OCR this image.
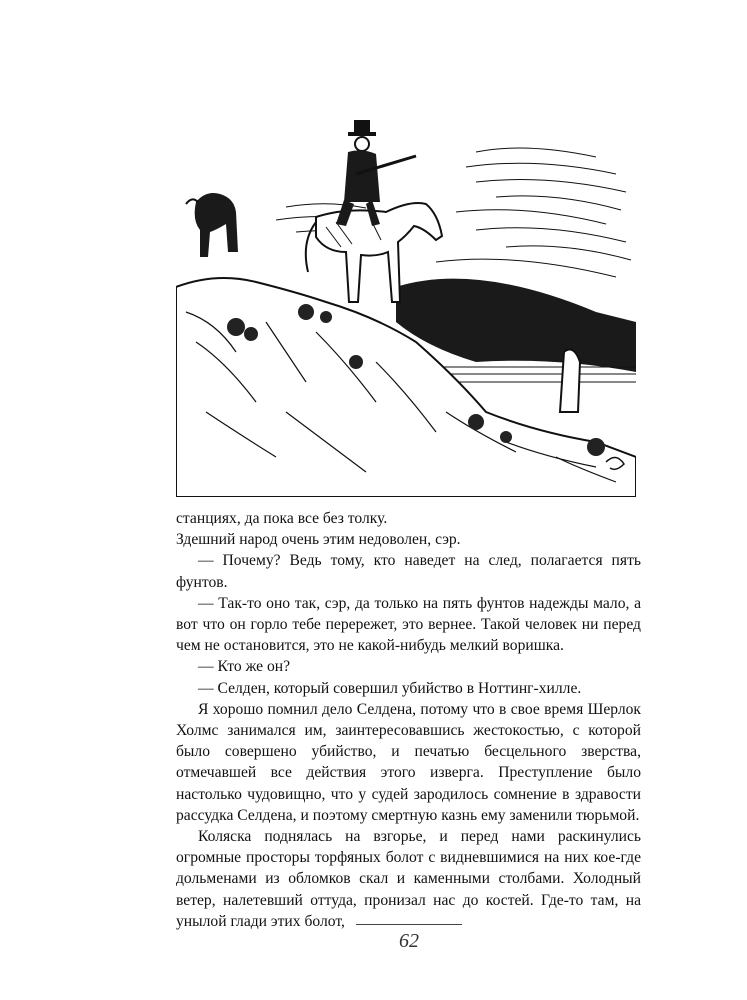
станциях, да пока все без толку.

Здешний народ очень этим недоволен, сэр.

— Почему? Ведь тому, кто наведет на след, полагается пять фунтов.

— Так-то оно так, сэр, да только на пять фунтов надежды мало, а вот что он горло тебе перережет, это вернее. Такой человек ни перед чем не остановится, это не какой-нибудь мелкий воришка.

— Кто же он?

— Селден, который совершил убийство в Ноттинг-хилле.

Я хорошо помнил дело Селдена, потому что в свое время Шерлок Холмс занимался им, заинтересовавшись жестокостью, с которой было совершено убийство, и печатью бесцельного зверства, отмечавшей все действия этого изверга. Преступление было настолько чудовищно, что у судей зародилось сомнение в здравости рассудка Селдена, и поэтому смертную казнь ему заменили тюрьмой.

Коляска поднялась на взгорье, и перед нами раскинулись огромные просторы торфяных болот с видневшимися на них кое-где дольменами из обломков скал и каменными столбами. Холодный ветер, налетевший оттуда, пронизал нас до костей. Где-то там, на унылой глади этих болот,

62
